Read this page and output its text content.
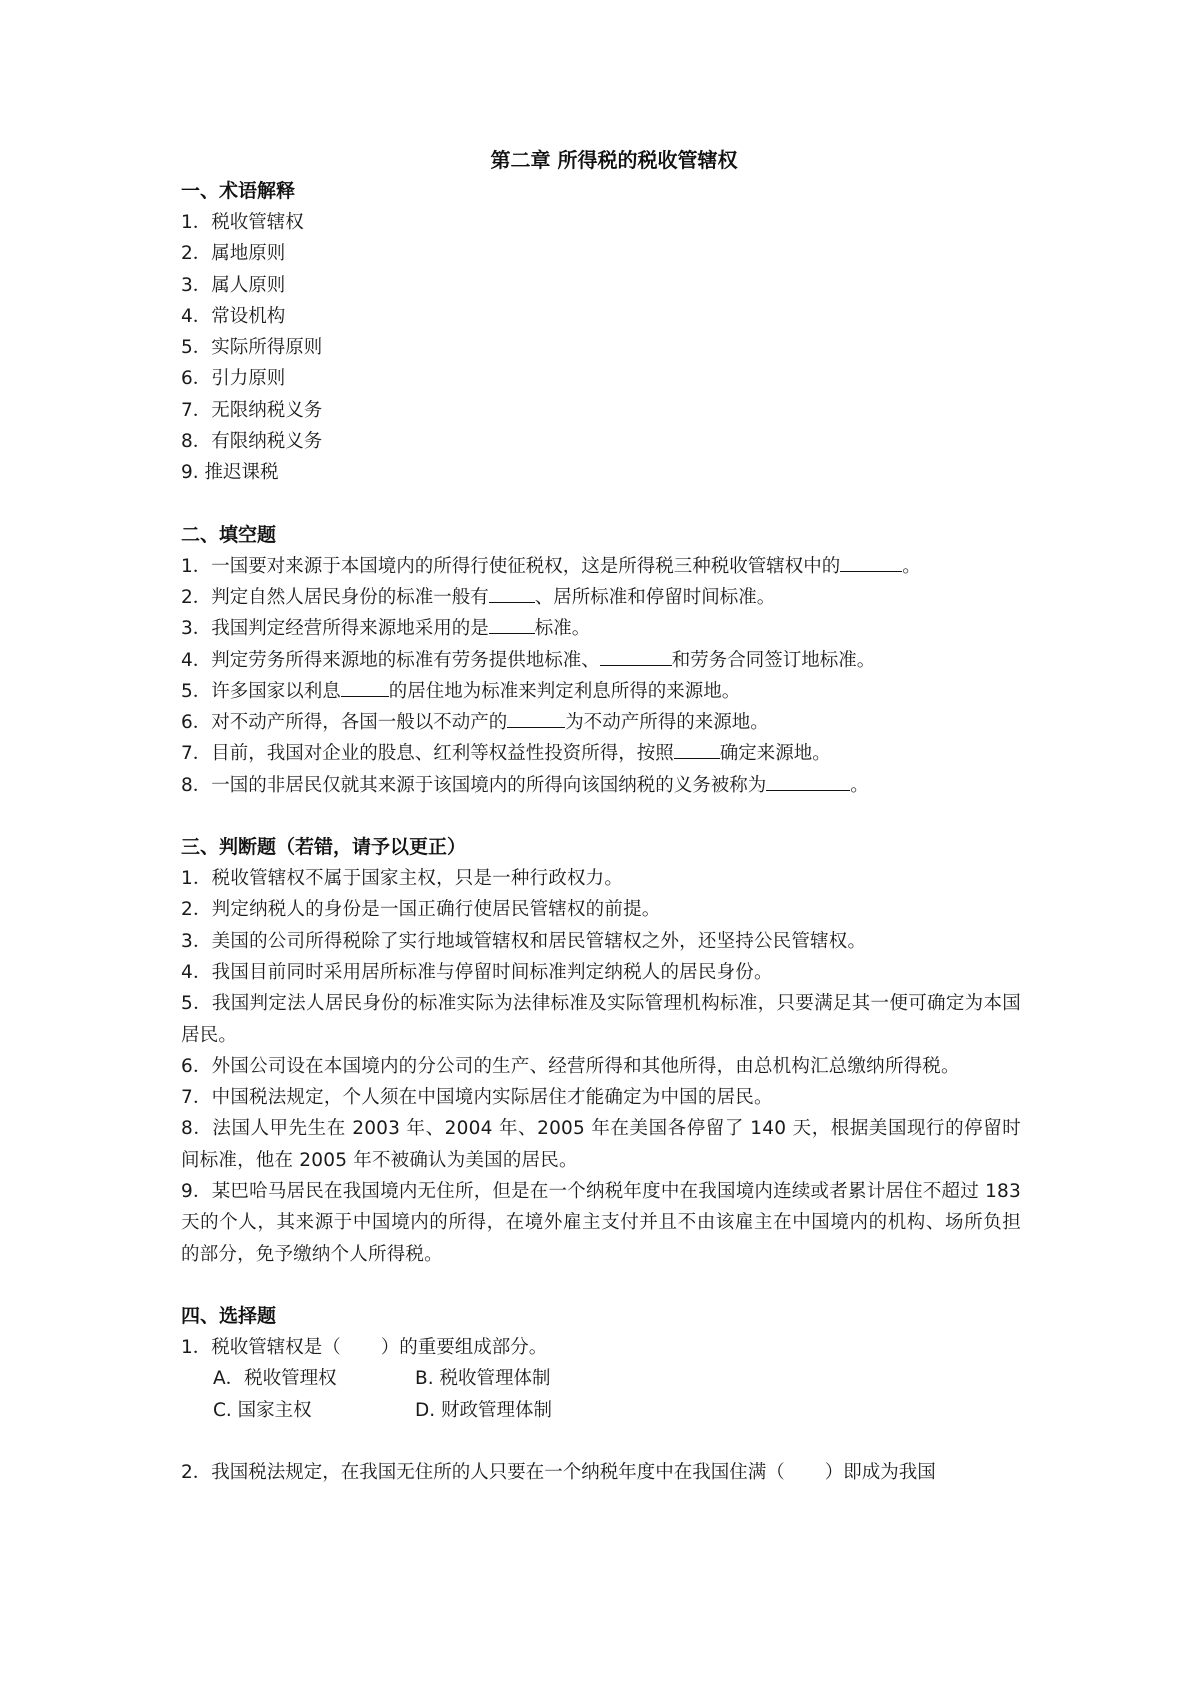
第二章 所得税的税收管辖权
一、术语解释
1．税收管辖权
2．属地原则
3．属人原则
4．常设机构
5．实际所得原则
6．引力原则
7．无限纳税义务
8．有限纳税义务
9. 推迟课税
二、填空题
1．一国要对来源于本国境内的所得行使征税权，这是所得税三种税收管辖权中的	。
2．判定自然人居民身份的标准一般有 、居所标准和停留时间标准。
3．我国判定经营所得来源地采用的是 标准。
4．判定劳务所得来源地的标准有劳务提供地标准、	和劳务合同签订地标准。
5．许多国家以利息	的居住地为标准来判定利息所得的来源地。
6．对不动产所得，各国一般以不动产的	为不动产所得的来源地。
7．目前，我国对企业的股息、红利等权益性投资所得，按照 确定来源地。
8．一国的非居民仅就其来源于该国境内的所得向该国纳税的义务被称为	。
三、判断题（若错，请予以更正）
1．税收管辖权不属于国家主权，只是一种行政权力。
2．判定纳税人的身份是一国正确行使居民管辖权的前提。
3．美国的公司所得税除了实行地域管辖权和居民管辖权之外，还坚持公民管辖权。
4．我国目前同时采用居所标准与停留时间标准判定纳税人的居民身份。
5．我国判定法人居民身份的标准实际为法律标准及实际管理机构标准，只要满足其一便可确定为本国居民。
6．外国公司设在本国境内的分公司的生产、经营所得和其他所得，由总机构汇总缴纳所得税。
7．中国税法规定，个人须在中国境内实际居住才能确定为中国的居民。
8．法国人甲先生在 2003 年、2004 年、2005 年在美国各停留了 140 天，根据美国现行的停留时间标准，他在 2005 年不被确认为美国的居民。
9．某巴哈马居民在我国境内无住所，但是在一个纳税年度中在我国境内连续或者累计居住不超过 183 天的个人，其来源于中国境内的所得，在境外雇主支付并且不由该雇主在中国境内的机构、场所负担的部分，免予缴纳个人所得税。
四、选择题
1．税收管辖权是（ ）的重要组成部分。
A．税收管理权	B. 税收管理体制
C. 国家主权	D. 财政管理体制
2．我国税法规定，在我国无住所的人只要在一个纳税年度中在我国住满（ ）即成为我国
